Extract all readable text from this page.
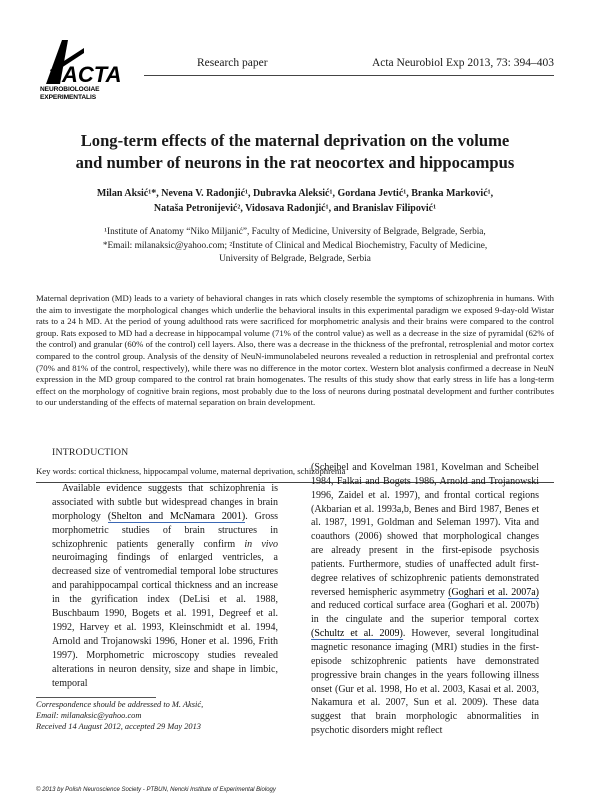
ACTA
NEUROBIOLOGIAE
EXPERIMENTALIS
Research paper	Acta Neurobiol Exp 2013, 73: 394–403
Long-term effects of the maternal deprivation on the volume
and number of neurons in the rat neocortex and hippocampus
Milan Aksić¹*, Nevena V. Radonjić¹, Dubravka Aleksić¹, Gordana Jevtić¹, Branka Marković¹,
Nataša Petronijević², Vidosava Radonjić¹, and Branislav Filipović¹
¹Institute of Anatomy “Niko Miljanić”, Faculty of Medicine, University of Belgrade, Belgrade, Serbia,
*Email: milanaksic@yahoo.com; ²Institute of Clinical and Medical Biochemistry, Faculty of Medicine,
University of Belgrade, Belgrade, Serbia
Maternal deprivation (MD) leads to a variety of behavioral changes in rats which closely resemble the symptoms of schizophrenia in humans. With the aim to investigate the morphological changes which underlie the behavioral insults in this experimental paradigm we exposed 9-day-old Wistar rats to a 24 h MD. At the period of young adulthood rats were sacrificed for morphometric analysis and their brains were compared to the control group. Rats exposed to MD had a decrease in hippocampal volume (71% of the control value) as well as a decrease in the size of pyramidal (62% of the control) and granular (60% of the control) cell layers. Also, there was a decrease in the thickness of the prefrontal, retrosplenial and motor cortex compared to the control group. Analysis of the density of NeuN-immunolabeled neurons revealed a reduction in retrosplenial and prefrontal cortex (70% and 81% of the control, respectively), while there was no difference in the motor cortex. Western blot analysis confirmed a decrease in NeuN expression in the MD group compared to the control rat brain homogenates. The results of this study show that early stress in life has a long-term effect on the morphology of cognitive brain regions, most probably due to the loss of neurons during postnatal development and further contributes to our understanding of the effects of maternal separation on brain development.
Key words: cortical thickness, hippocampal volume, maternal deprivation, schizophrenia
INTRODUCTION

Available evidence suggests that schizophrenia is associated with subtle but widespread changes in brain morphology (Shelton and McNamara 2001). Gross morphometric studies of brain structures in schizophrenic patients generally confirm in vivo neuroimaging findings of enlarged ventricles, a decreased size of ventromedial temporal lobe structures and parahippocampal cortical thickness and an increase in the gyrification index (DeLisi et al. 1988, Buschbaum 1990, Bogets et al. 1991, Degreef et al. 1992, Harvey et al. 1993, Kleinschmidt et al. 1994, Arnold and Trojanowski 1996, Honer et al. 1996, Frith 1997). Morphometric microscopy studies revealed alterations in neuron density, size and shape in limbic, temporal

(Scheibel and Kovelman 1981, Kovelman and Scheibel 1984, Falkai and Bogets 1986, Arnold and Trojanowski 1996, Zaidel et al. 1997), and frontal cortical regions (Akbarian et al. 1993a,b, Benes and Bird 1987, Benes et al. 1987, 1991, Goldman and Seleman 1997). Vita and coauthors (2006) showed that morphological changes are already present in the first-episode psychosis patients. Furthermore, studies of unaffected adult first-degree relatives of schizophrenic patients demonstrated reversed hemispheric asymmetry (Goghari et al. 2007a) and reduced cortical surface area (Goghari et al. 2007b) in the cingulate and the superior temporal cortex (Schultz et al. 2009). However, several longitudinal magnetic resonance imaging (MRI) studies in the first-episode schizophrenic patients have demonstrated progressive brain changes in the years following illness onset (Gur et al. 1998, Ho et al. 2003, Kasai et al. 2003, Nakamura et al. 2007, Sun et al. 2009). These data suggest that brain morphologic abnormalities in psychotic disorders might reflect

Correspondence should be addressed to M. Aksić,
Email: milanaksic@yahoo.com
Received 14 August 2012, accepted 29 May 2013
© 2013 by Polish Neuroscience Society - PTBUN, Nencki Institute of Experimental Biology
